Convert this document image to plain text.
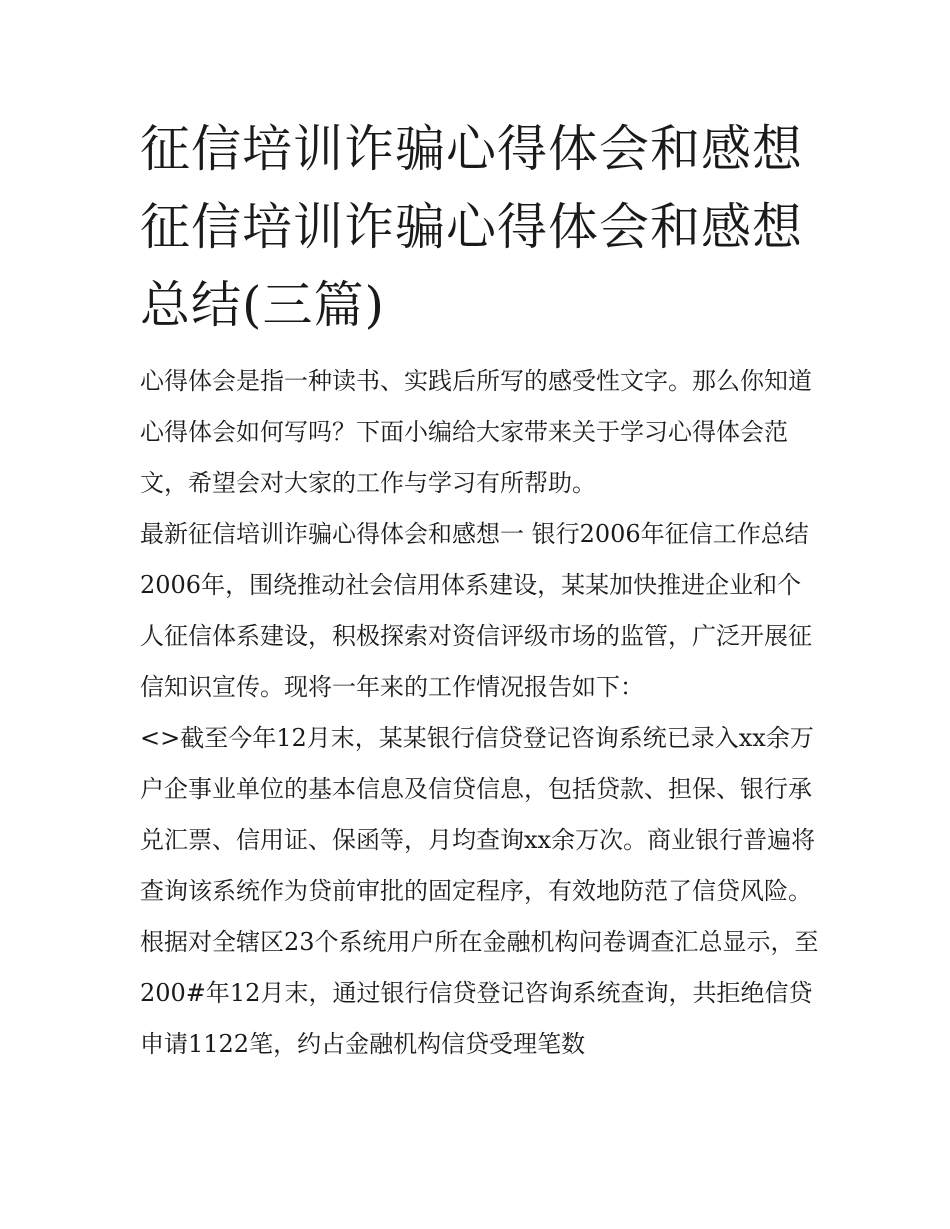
征信培训诈骗心得体会和感想征信培训诈骗心得体会和感想总结(三篇)

心得体会是指一种读书、实践后所写的感受性文字。那么你知道心得体会如何写吗？下面小编给大家带来关于学习心得体会范文，希望会对大家的工作与学习有所帮助。

最新征信培训诈骗心得体会和感想一 银行2006年征信工作总结

2006年，围绕推动社会信用体系建设，某某加快推进企业和个人征信体系建设，积极探索对资信评级市场的监管，广泛开展征信知识宣传。现将一年来的工作情况报告如下：

<>截至今年12月末，某某银行信贷登记咨询系统已录入xx余万户企事业单位的基本信息及信贷信息，包括贷款、担保、银行承兑汇票、信用证、保函等，月均查询xx余万次。商业银行普遍将查询该系统作为贷前审批的固定程序，有效地防范了信贷风险。根据对全辖区23个系统用户所在金融机构问卷调查汇总显示，至200#年12月末，通过银行信贷登记咨询系统查询，共拒绝信贷申请1122笔，约占金融机构信贷受理笔数
